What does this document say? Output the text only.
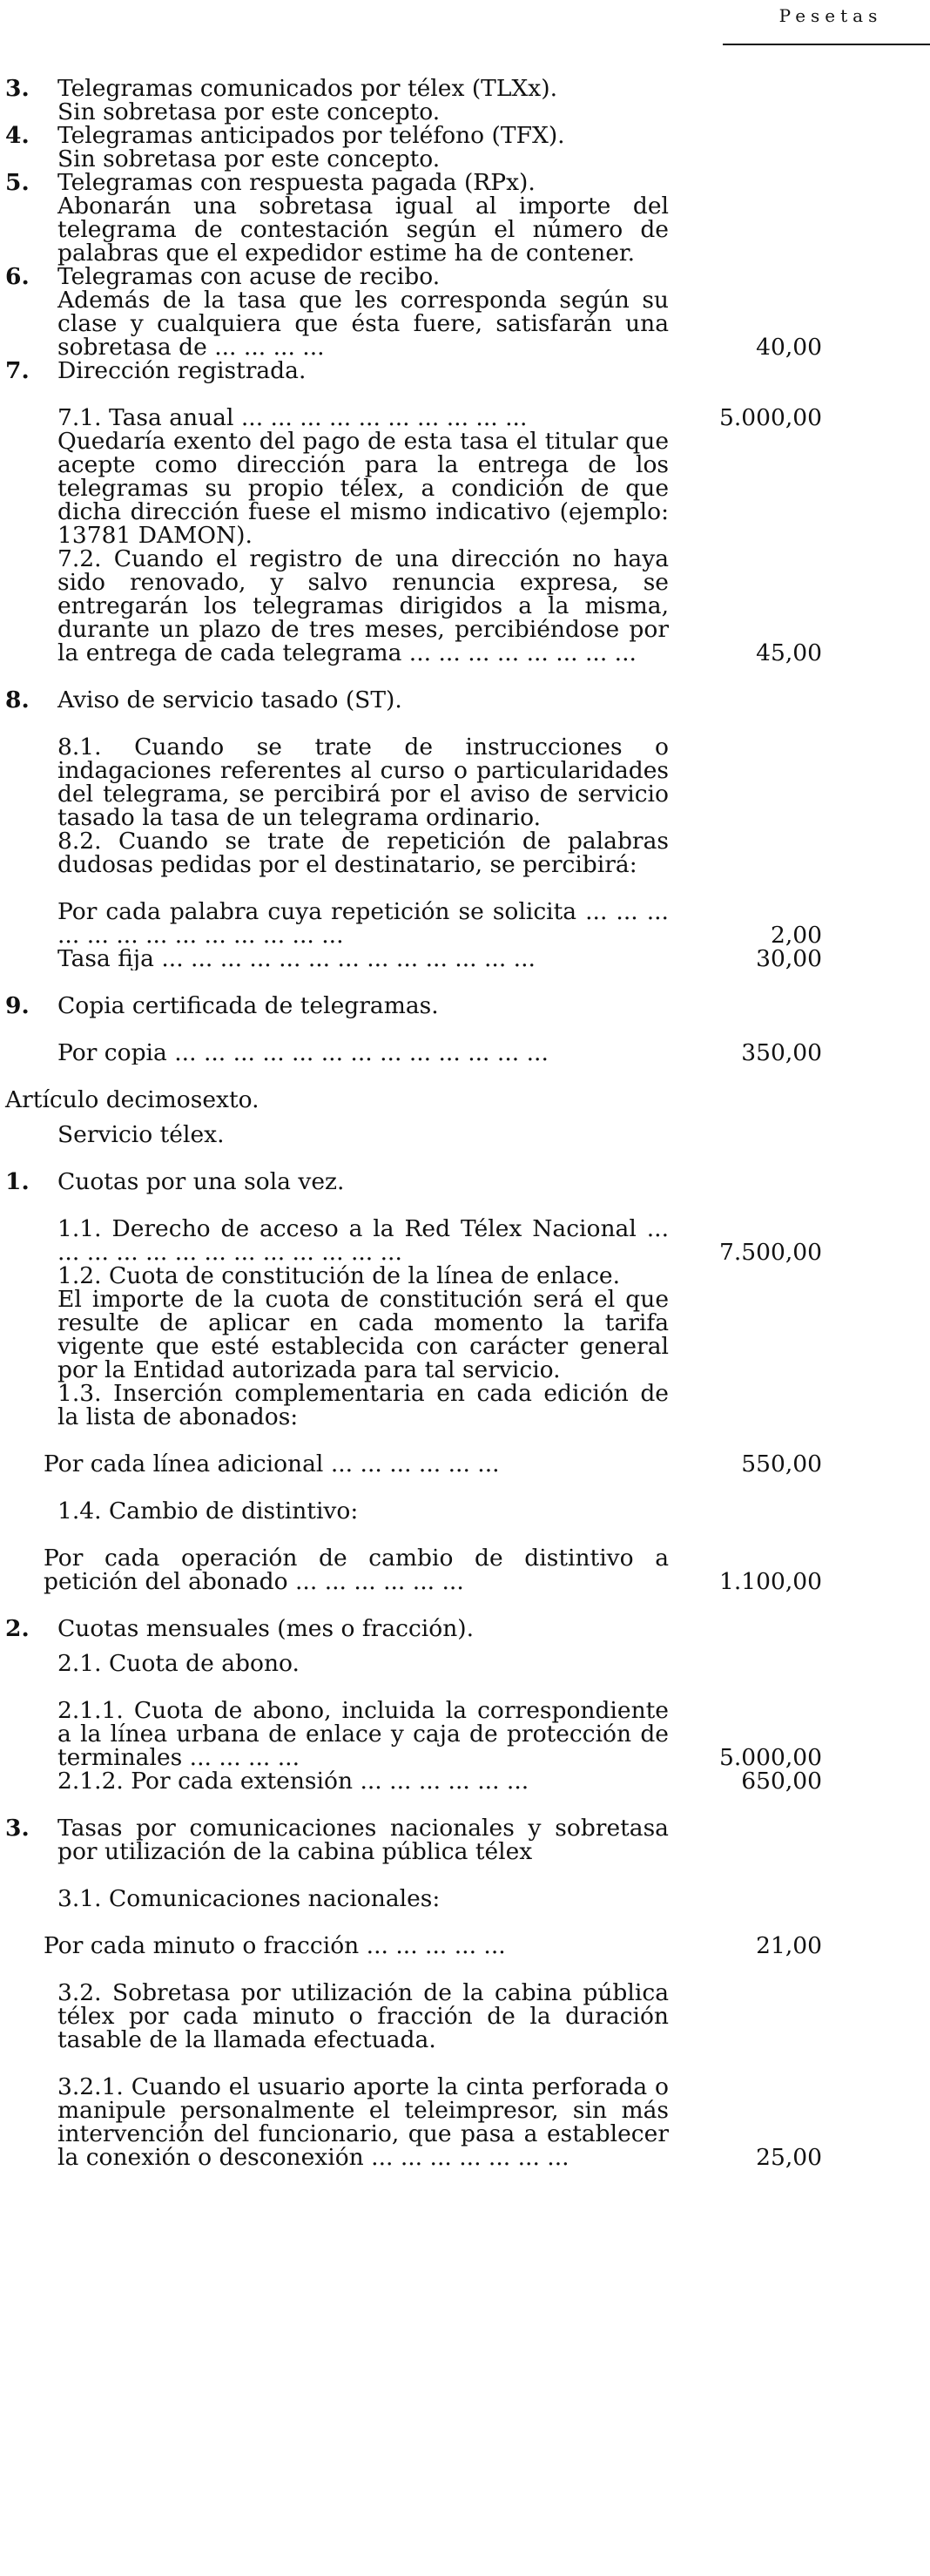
Pesetas
3.	Telegramas comunicados por télex (TLXx).
Sin sobretasa por este concepto.
4.	Telegramas anticipados por teléfono (TFX).
Sin sobretasa por este concepto.
5.	Telegramas con respuesta pagada (RPx).
Abonarán una sobretasa igual al importe del telegrama de contestación según el número de palabras que el expedidor estime ha de contener.
6.	Telegramas con acuse de recibo.
Además de la tasa que les corresponda según su clase y cualquiera que ésta fuere, satisfarán una sobretasa de ... ... ... ...	40,00
7.	Dirección registrada.
7.1. Tasa anual ... ... ... ... ... ... ... ... ... ...	5.000,00
Quedaría exento del pago de esta tasa el titular que acepte como dirección para la entrega de los telegramas su propio télex, a condición de que dicha dirección fuese el mismo indicativo (ejemplo: 13781 DAMON).
7.2. Cuando el registro de una dirección no haya sido renovado, y salvo renuncia expresa, se entregarán los telegramas dirigidos a la misma, durante un plazo de tres meses, percibiéndose por la entrega de cada telegrama ... ... ... ... ... ... ... ...	45,00
8.	Aviso de servicio tasado (ST).
8.1. Cuando se trate de instrucciones o indagaciones referentes al curso o particularidades del telegrama, se percibirá por el aviso de servicio tasado la tasa de un telegrama ordinario.
8.2. Cuando se trate de repetición de palabras dudosas pedidas por el destinatario, se percibirá:
Por cada palabra cuya repetición se solicita ... ... ... ... ... ... ... ... ... ... ... ... ...	2,00
Tasa fija ... ... ... ... ... ... ... ... ... ... ... ... ...	30,00
9.	Copia certificada de telegramas.
Por copia ... ... ... ... ... ... ... ... ... ... ... ... ...	350,00
Artículo decimosexto.
Servicio télex.
1.	Cuotas por una sola vez.
1.1. Derecho de acceso a la Red Télex Nacional ... ... ... ... ... ... ... ... ... ... ... ... ...	7.500,00
1.2. Cuota de constitución de la línea de enlace.
El importe de la cuota de constitución será el que resulte de aplicar en cada momento la tarifa vigente que esté establecida con carácter general por la Entidad autorizada para tal servicio.
1.3. Inserción complementaria en cada edición de la lista de abonados:
Por cada línea adicional ... ... ... ... ... ...	550,00
1.4. Cambio de distintivo:
Por cada operación de cambio de distintivo a petición del abonado ... ... ... ... ... ...	1.100,00
2.	Cuotas mensuales (mes o fracción).
2.1. Cuota de abono.
2.1.1. Cuota de abono, incluida la correspondiente a la línea urbana de enlace y caja de protección de terminales ... ... ... ...	5.000,00
2.1.2. Por cada extensión ... ... ... ... ... ...	650,00
3.	Tasas por comunicaciones nacionales y sobretasa por utilización de la cabina pública télex
3.1. Comunicaciones nacionales:
Por cada minuto o fracción ... ... ... ... ...	21,00
3.2. Sobretasa por utilización de la cabina pública télex por cada minuto o fracción de la duración tasable de la llamada efectuada.
3.2.1. Cuando el usuario aporte la cinta perforada o manipule personalmente el teleimpresor, sin más intervención del funcionario, que pasa a establecer la conexión o desconexión ... ... ... ... ... ... ...	25,00
